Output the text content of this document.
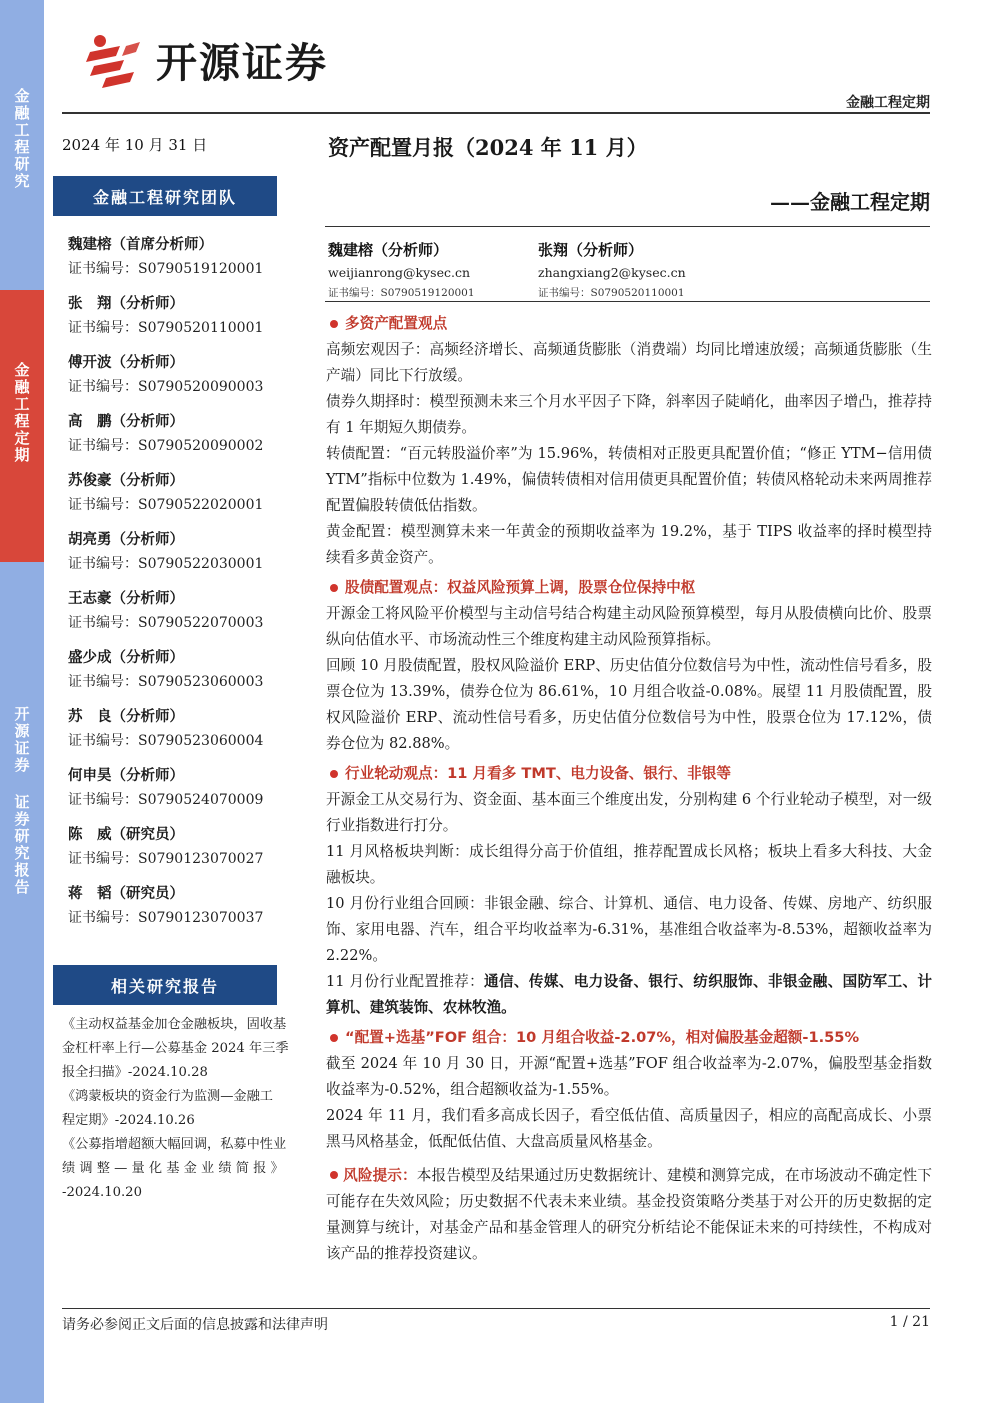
金融工程研究
金融工程定期
开源证券 证券研究报告
开源证券
金融工程定期
2024 年 10 月 31 日
金融工程研究团队
魏建榕（首席分析师）
证书编号：S0790519120001
张　翔（分析师）
证书编号：S0790520110001
傅开波（分析师）
证书编号：S0790520090003
高　鹏（分析师）
证书编号：S0790520090002
苏俊豪（分析师）
证书编号：S0790522020001
胡亮勇（分析师）
证书编号：S0790522030001
王志豪（分析师）
证书编号：S0790522070003
盛少成（分析师）
证书编号：S0790523060003
苏　良（分析师）
证书编号：S0790523060004
何申昊（分析师）
证书编号：S0790524070009
陈　威（研究员）
证书编号：S0790123070027
蒋　韬（研究员）
证书编号：S0790123070037
相关研究报告
《主动权益基金加仓金融板块，固收基
金杠杆率上行—公募基金 2024 年三季
报全扫描》-2024.10.28
《鸿蒙板块的资金行为监测—金融工
程定期》-2024.10.26
《公募指增超额大幅回调，私募中性业
绩 调 整 — 量 化 基 金 业 绩 简 报 》
-2024.10.20
资产配置月报（2024 年 11 月）
——金融工程定期
魏建榕（分析师）
weijianrong@kysec.cn
证书编号：S0790519120001
张翔（分析师）
zhangxiang2@kysec.cn
证书编号：S0790520110001
多资产配置观点
高频宏观因子：高频经济增长、高频通货膨胀（消费端）均同比增速放缓；高频通货膨胀（生产端）同比下行放缓。
债券久期择时：模型预测未来三个月水平因子下降，斜率因子陡峭化，曲率因子增凸，推荐持有 1 年期短久期债券。
转债配置：“百元转股溢价率”为 15.96%，转债相对正股更具配置价值；“修正 YTM−信用债 YTM”指标中位数为 1.49%，偏债转债相对信用债更具配置价值；转债风格轮动未来两周推荐配置偏股转债低估指数。
黄金配置：模型测算未来一年黄金的预期收益率为 19.2%，基于 TIPS 收益率的择时模型持续看多黄金资产。
股债配置观点：权益风险预算上调，股票仓位保持中枢
开源金工将风险平价模型与主动信号结合构建主动风险预算模型，每月从股债横向比价、股票纵向估值水平、市场流动性三个维度构建主动风险预算指标。
回顾 10 月股债配置，股权风险溢价 ERP、历史估值分位数信号为中性，流动性信号看多，股票仓位为 13.39%，债券仓位为 86.61%，10 月组合收益-0.08%。展望 11 月股债配置，股权风险溢价 ERP、流动性信号看多，历史估值分位数信号为中性，股票仓位为 17.12%，债券仓位为 82.88%。
行业轮动观点：11 月看多 TMT、电力设备、银行、非银等
开源金工从交易行为、资金面、基本面三个维度出发，分别构建 6 个行业轮动子模型，对一级行业指数进行打分。
11 月风格板块判断：成长组得分高于价值组，推荐配置成长风格；板块上看多大科技、大金融板块。
10 月份行业组合回顾：非银金融、综合、计算机、通信、电力设备、传媒、房地产、纺织服饰、家用电器、汽车，组合平均收益率为-6.31%，基准组合收益率为-8.53%，超额收益率为 2.22%。
11 月份行业配置推荐：通信、传媒、电力设备、银行、纺织服饰、非银金融、国防军工、计算机、建筑装饰、农林牧渔。
“配置+选基”FOF 组合：10 月组合收益-2.07%，相对偏股基金超额-1.55%
截至 2024 年 10 月 30 日，开源“配置+选基”FOF 组合收益率为-2.07%，偏股型基金指数收益率为-0.52%，组合超额收益为-1.55%。
2024 年 11 月，我们看多高成长因子，看空低估值、高质量因子，相应的高配高成长、小票黑马风格基金，低配低估值、大盘高质量风格基金。
风险提示：本报告模型及结果通过历史数据统计、建模和测算完成，在市场波动不确定性下可能存在失效风险；历史数据不代表未来业绩。基金投资策略分类基于对公开的历史数据的定量测算与统计，对基金产品和基金管理人的研究分析结论不能保证未来的可持续性，不构成对该产品的推荐投资建议。
请务必参阅正文后面的信息披露和法律声明	1 / 21
